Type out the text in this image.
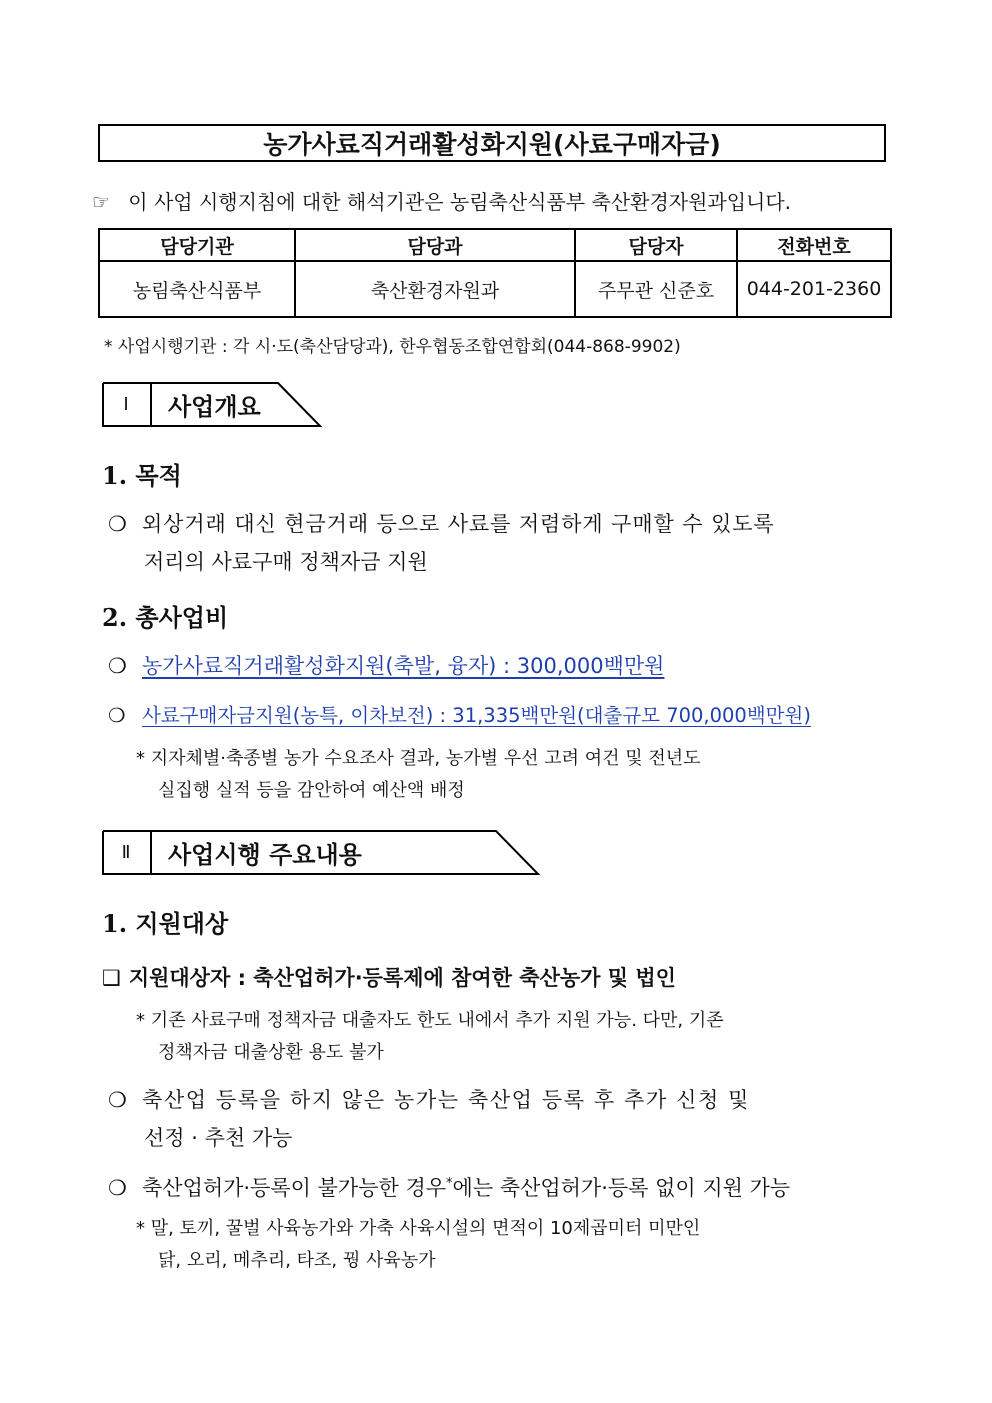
농가사료직거래활성화지원(사료구매자금)
☞ 이 사업 시행지침에 대한 해석기관은 농림축산식품부 축산환경자원과입니다.
담당기관	담당과	담당자	전화번호
농림축산식품부	축산환경자원과	주무관 신준호	044-201-2360
* 사업시행기관 : 각 시·도(축산담당과), 한우협동조합연합회(044-868-9902)
Ⅰ	사업개요
1. 목적
❍ 외상거래 대신 현금거래 등으로 사료를 저렴하게 구매할 수 있도록
저리의 사료구매 정책자금 지원
2. 총사업비
❍ 농가사료직거래활성화지원(축발, 융자) : 300,000백만원
❍ 사료구매자금지원(농특, 이차보전) : 31,335백만원(대출규모 700,000백만원)
* 지자체별·축종별 농가 수요조사 결과, 농가별 우선 고려 여건 및 전년도
실집행 실적 등을 감안하여 예산액 배정
Ⅱ	사업시행 주요내용
1. 지원대상
❑ 지원대상자 : 축산업허가·등록제에 참여한 축산농가 및 법인
* 기존 사료구매 정책자금 대출자도 한도 내에서 추가 지원 가능. 다만, 기존
정책자금 대출상환 용도 불가
❍ 축산업 등록을 하지 않은 농가는 축산업 등록 후 추가 신청 및
선정 · 추천 가능
❍ 축산업허가·등록이 불가능한 경우*에는 축산업허가·등록 없이 지원 가능
* 말, 토끼, 꿀벌 사육농가와 가축 사육시설의 면적이 10제곱미터 미만인
닭, 오리, 메추리, 타조, 꿩 사육농가
